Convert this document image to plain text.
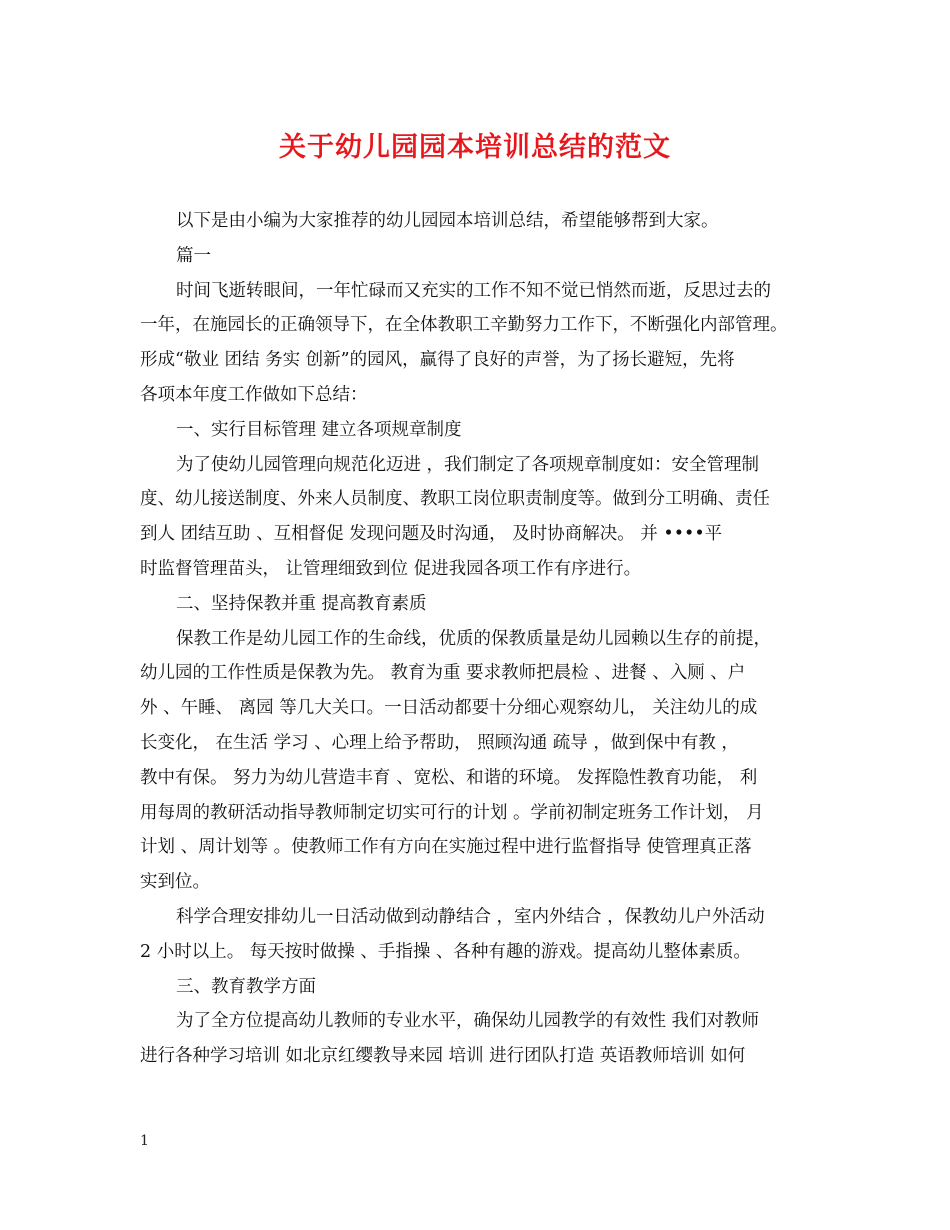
关于幼儿园园本培训总结的范文
以下是由小编为大家推荐的幼儿园园本培训总结，希望能够帮到大家。
篇一
时间飞逝转眼间，一年忙碌而又充实的工作不知不觉已悄然而逝，反思过去的
一年，在施园长的正确领导下，在全体教职工辛勤努力工作下，不断强化内部管理。
形成“敬业 团结 务实 创新”的园风，赢得了良好的声誉，为了扬长避短，先将
各项本年度工作做如下总结：
一、实行目标管理 建立各项规章制度
为了使幼儿园管理向规范化迈进 ，我们制定了各项规章制度如：安全管理制
度、幼儿接送制度、外来人员制度、教职工岗位职责制度等。做到分工明确、责任
到人 团结互助 、互相督促 发现问题及时沟通， 及时协商解决。 并 ••••平
时监督管理苗头， 让管理细致到位 促进我园各项工作有序进行。
二、坚持保教并重 提高教育素质
保教工作是幼儿园工作的生命线，优质的保教质量是幼儿园赖以生存的前提，
幼儿园的工作性质是保教为先。 教育为重 要求教师把晨检 、进餐 、入厕 、户
外 、午睡、 离园 等几大关口。一日活动都要十分细心观察幼儿， 关注幼儿的成
长变化， 在生活 学习 、心理上给予帮助， 照顾沟通 疏导 ，做到保中有教 ，
教中有保。 努力为幼儿营造丰育 、宽松、和谐的环境。 发挥隐性教育功能， 利
用每周的教研活动指导教师制定切实可行的计划 。学前初制定班务工作计划， 月
计划 、周计划等 。使教师工作有方向在实施过程中进行监督指导 使管理真正落
实到位。
科学合理安排幼儿一日活动做到动静结合 ，室内外结合 ，保教幼儿户外活动
2 小时以上。 每天按时做操 、手指操 、各种有趣的游戏。提高幼儿整体素质。
三、教育教学方面
为了全方位提高幼儿教师的专业水平，确保幼儿园教学的有效性 我们对教师
进行各种学习培训 如北京红缨教导来园 培训 进行团队打造 英语教师培训 如何
1
